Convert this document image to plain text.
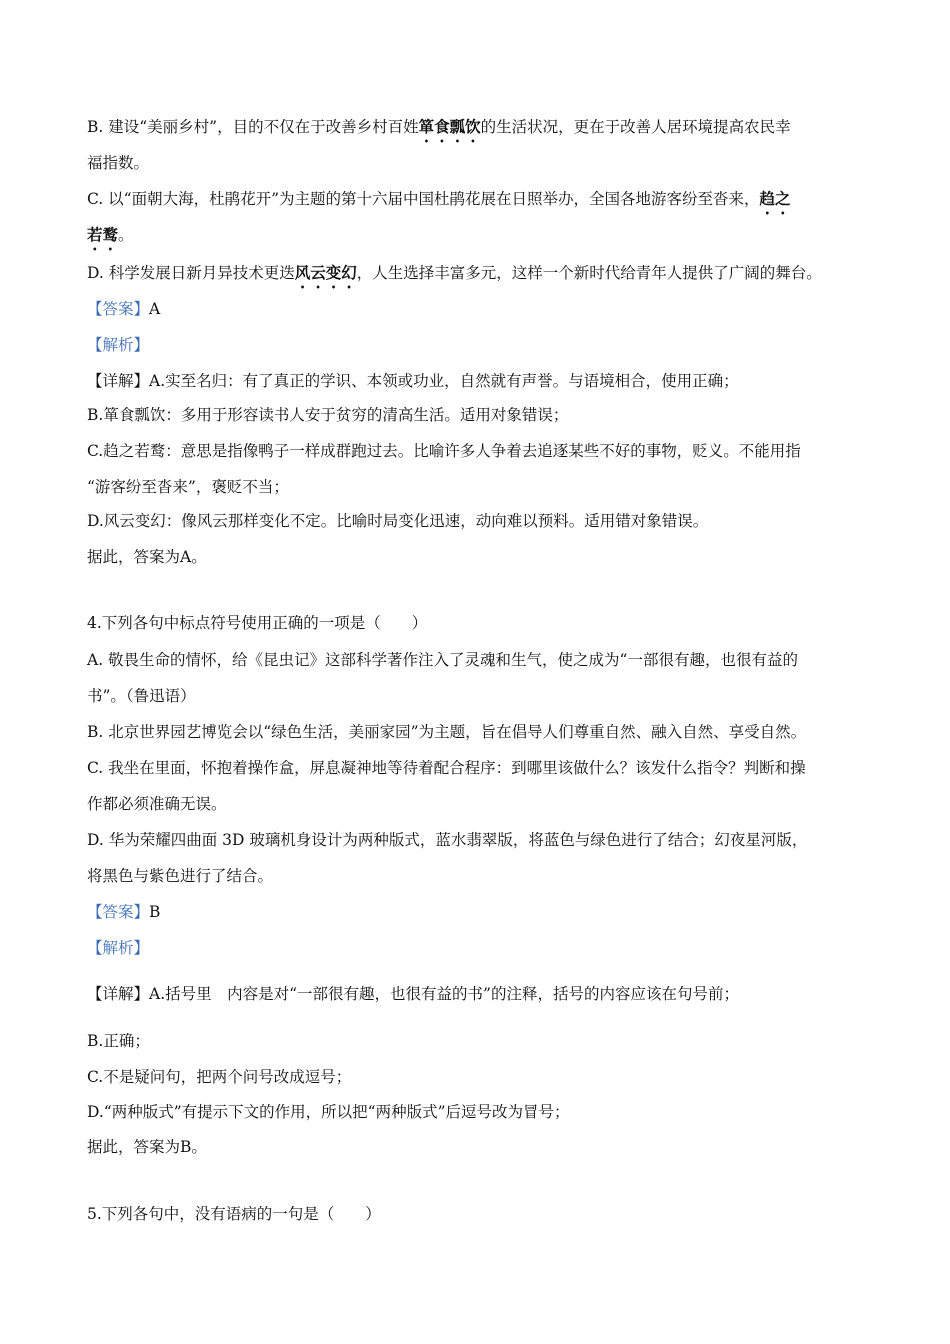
B. 建设“美丽乡村”，目的不仅在于改善乡村百姓箪食瓢饮的生活状况，更在于改善人居环境提高农民幸
福指数。
C. 以“面朝大海，杜鹃花开”为主题的第十六届中国杜鹃花展在日照举办，全国各地游客纷至沓来，趋之
若鹜。
D. 科学发展日新月异技术更迭风云变幻，人生选择丰富多元，这样一个新时代给青年人提供了广阔的舞台。
【答案】A
【解析】
【详解】A.实至名归：有了真正的学识、本领或功业，自然就有声誉。与语境相合，使用正确；
B.箪食瓢饮：多用于形容读书人安于贫穷的清高生活。适用对象错误；
C.趋之若鹜：意思是指像鸭子一样成群跑过去。比喻许多人争着去追逐某些不好的事物，贬义。不能用指
“游客纷至沓来”，褒贬不当；
D.风云变幻：像风云那样变化不定。比喻时局变化迅速，动向难以预料。适用错对象错误。
据此，答案为A。
4.下列各句中标点符号使用正确的一项是（　　）
A. 敬畏生命的情怀，给《昆虫记》这部科学著作注入了灵魂和生气，使之成为“一部很有趣，也很有益的
书”。（鲁迅语）
B. 北京世界园艺博览会以“绿色生活，美丽家园”为主题，旨在倡导人们尊重自然、融入自然、享受自然。
C. 我坐在里面，怀抱着操作盒，屏息凝神地等待着配合程序：到哪里该做什么？该发什么指令？判断和操
作都必须准确无误。
D. 华为荣耀四曲面 3D 玻璃机身设计为两种版式，蓝水翡翠版，将蓝色与绿色进行了结合；幻夜星河版，
将黑色与紫色进行了结合。
【答案】B
【解析】
【详解】A.括号里　内容是对“一部很有趣，也很有益的书”的注释，括号的内容应该在句号前；
B.正确；
C.不是疑问句，把两个问号改成逗号；
D.“两种版式”有提示下文的作用，所以把“两种版式”后逗号改为冒号；
据此，答案为B。
5.下列各句中，没有语病的一句是（　　）
